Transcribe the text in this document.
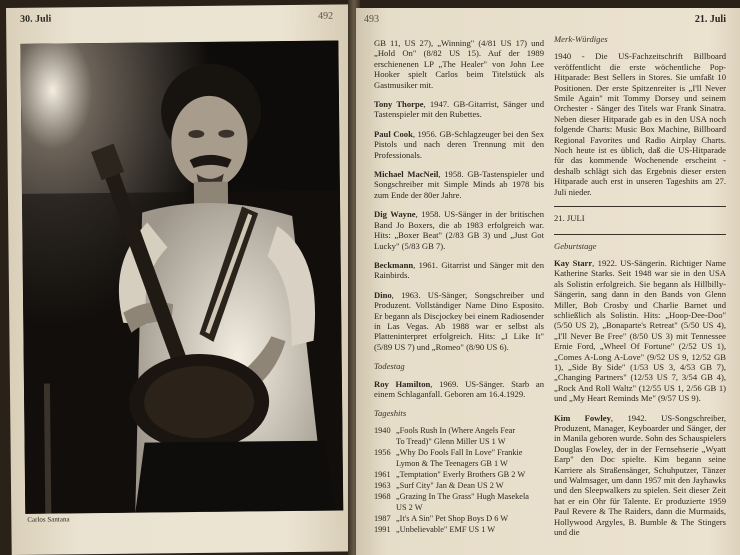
30. Juli	492
Carlos Santana
493	21. Juli
GB 11, US 27), „Winning" (4/81 US 17) und „Hold On" (8/82 US 15). Auf der 1989 erschienenen LP „The Healer" von John Lee Hooker spielt Carlos beim Titelstück als Gastmusiker mit.
Tony Thorpe, 1947. GB-Gitarrist, Sänger und Tastenspieler mit den Rubettes.
Paul Cook, 1956. GB-Schlagzeuger bei den Sex Pistols und nach deren Trennung mit den Professionals.
Michael MacNeil, 1958. GB-Tastenspieler und Songschreiber mit Simple Minds ab 1978 bis zum Ende der 80er Jahre.
Dig Wayne, 1958. US-Sänger in der britischen Band Jo Boxers, die ab 1983 erfolgreich war. Hits: „Boxer Beat" (2/83 GB 3) und „Just Got Lucky" (5/83 GB 7).
Beckmann, 1961. Gitarrist und Sänger mit den Rainbirds.
Dino, 1963. US-Sänger, Songschreiber und Produzent. Vollständiger Name Dino Esposito. Er begann als Discjockey bei einem Radiosender in Las Vegas. Ab 1988 war er selbst als Platteninterpret erfolgreich. Hits: „I Like It" (5/89 US 7) und „Romeo" (8/90 US 6).
Todestag
Roy Hamilton, 1969. US-Sänger. Starb an einem Schlaganfall. Geboren am 16.4.1929.
Tageshits
1940 „Fools Rush In (Where Angels Fear
To Tread)" Glenn Miller US 1 W
1956 „Why Do Fools Fall In Love" Frankie
Lymon & The Teenagers GB 1 W
1961 „Temptation" Everly Brothers GB 2 W
1963 „Surf City" Jan & Dean US 2 W
1968 „Grazing In The Grass" Hugh Masekela
US 2 W
1987 „It's A Sin" Pet Shop Boys D 6 W
1991 „Unbelievable" EMF US 1 W
Merk-Würdiges
1940 - Die US-Fachzeitschrift Billboard veröffentlicht die erste wöchentliche Pop-Hitparade: Best Sellers in Stores. Sie umfaßt 10 Positionen. Der erste Spitzenreiter is „I'll Never Smile Again" mit Tommy Dorsey und seinem Orchester - Sänger des Titels war Frank Sinatra. Neben dieser Hitparade gab es in den USA noch folgende Charts: Music Box Machine, Billboard Regional Favorites und Radio Airplay Charts. Noch heute ist es üblich, daß die US-Hitparade für das kommende Wochenende erscheint - deshalb schlägt sich das Ergebnis dieser ersten Hitparade auch erst in unseren Tageshits am 27. Juli nieder.
21. JULI
Geburtstage
Kay Starr, 1922. US-Sängerin. Richtiger Name Katherine Starks. Seit 1948 war sie in den USA als Solistin erfolgreich. Sie begann als Hillbilly-Sängerin, sang dann in den Bands von Glenn Miller, Bob Crosby und Charlie Barnet und schließlich als Solistin. Hits: „Hoop-Dee-Doo" (5/50 US 2), „Bonaparte's Retreat" (5/50 US 4), „I'll Never Be Free" (8/50 US 3) mit Tennessee Ernie Ford, „Wheel Of Fortune" (2/52 US 1), „Comes A-Long A-Love" (9/52 US 9, 12/52 GB 1), „Side By Side" (1/53 US 3, 4/53 GB 7), „Changing Partners" (12/53 US 7, 3/54 GB 4), „Rock And Roll Waltz" (12/55 US 1, 2/56 GB 1) und „My Heart Reminds Me" (9/57 US 9).
Kim Fowley, 1942. US-Songschreiber, Produzent, Manager, Keyboarder und Sänger, der in Manila geboren wurde. Sohn des Schauspielers Douglas Fowley, der in der Fernsehserie „Wyatt Earp" den Doc spielte. Kim begann seine Karriere als Straßensänger, Schuhputzer, Tänzer und Walmsager, um dann 1957 mit den Jayhawks und den Sleepwalkers zu spielen. Seit dieser Zeit hat er ein Ohr für Talente. Er produzierte 1959 Paul Revere & The Raiders, dann die Murmaids, Hollywood Argyles, B. Bumble & The Stingers und die
